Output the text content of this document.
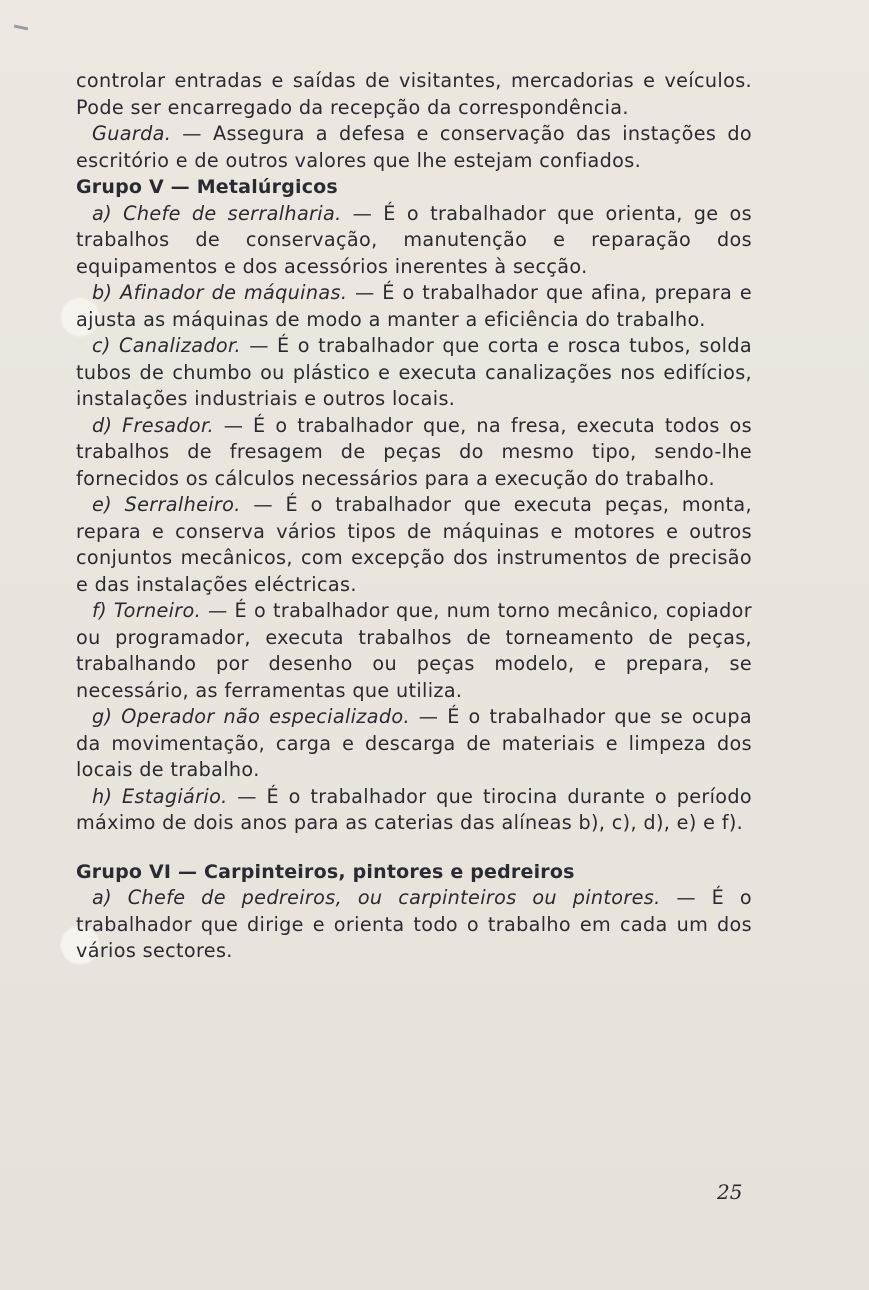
controlar entradas e saídas de visitantes, mercadorias e veículos. Pode ser encarregado da recepção da correspondência.

Guarda. — Assegura a defesa e conservação das instações do escritório e de outros valores que lhe estejam confiados.

Grupo V — Metalúrgicos

a) Chefe de serralharia. — É o trabalhador que orienta, ge os trabalhos de conservação, manutenção e reparação dos equipamentos e dos acessórios inerentes à secção.

b) Afinador de máquinas. — É o trabalhador que afina, prepara e ajusta as máquinas de modo a manter a eficiência do trabalho.

c) Canalizador. — É o trabalhador que corta e rosca tubos, solda tubos de chumbo ou plástico e executa canalizações nos edifícios, instalações industriais e outros locais.

d) Fresador. — É o trabalhador que, na fresa, executa todos os trabalhos de fresagem de peças do mesmo tipo, sendo-lhe fornecidos os cálculos necessários para a execução do trabalho.

e) Serralheiro. — É o trabalhador que executa peças, monta, repara e conserva vários tipos de máquinas e motores e outros conjuntos mecânicos, com excepção dos instrumentos de precisão e das instalações eléctricas.

f) Torneiro. — É o trabalhador que, num torno mecânico, copiador ou programador, executa trabalhos de torneamento de peças, trabalhando por desenho ou peças modelo, e prepara, se necessário, as ferramentas que utiliza.

g) Operador não especializado. — É o trabalhador que se ocupa da movimentação, carga e descarga de materiais e limpeza dos locais de trabalho.

h) Estagiário. — É o trabalhador que tirocina durante o período máximo de dois anos para as caterias das alíneas b), c), d), e) e f).

Grupo VI — Carpinteiros, pintores e pedreiros

a) Chefe de pedreiros, ou carpinteiros ou pintores. — É o trabalhador que dirige e orienta todo o trabalho em cada um dos vários sectores.

25
